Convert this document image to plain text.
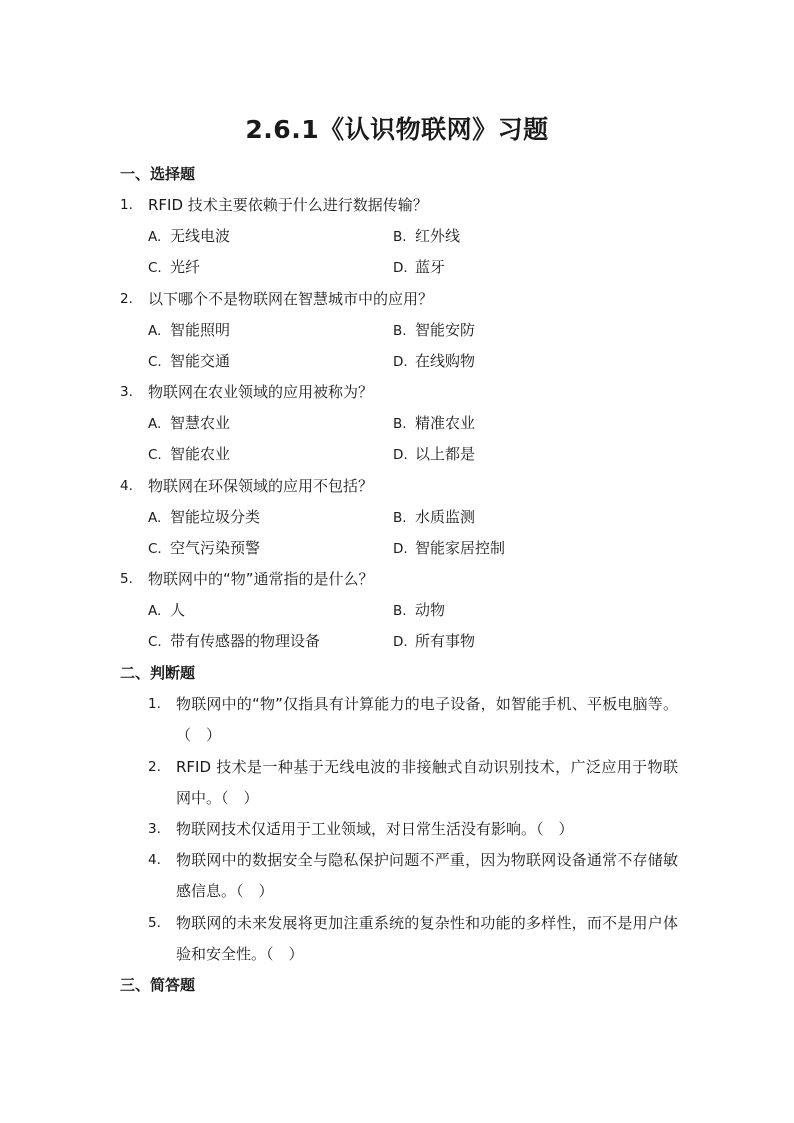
2.6.1《认识物联网》习题
一、选择题
1.	RFID 技术主要依赖于什么进行数据传输？
A. 无线电波	B. 红外线
C. 光纤	D. 蓝牙
2.	以下哪个不是物联网在智慧城市中的应用？
A. 智能照明	B. 智能安防
C. 智能交通	D. 在线购物
3.	物联网在农业领域的应用被称为？
A. 智慧农业	B. 精准农业
C. 智能农业	D. 以上都是
4.	物联网在环保领域的应用不包括？
A. 智能垃圾分类	B. 水质监测
C. 空气污染预警	D. 智能家居控制
5.	物联网中的“物”通常指的是什么？
A. 人	B. 动物
C. 带有传感器的物理设备	D. 所有事物
二、判断题
1.	物联网中的“物”仅指具有计算能力的电子设备，如智能手机、平板电脑等。（　）
2.	RFID 技术是一种基于无线电波的非接触式自动识别技术，广泛应用于物联网中。（　）
3.	物联网技术仅适用于工业领域，对日常生活没有影响。（　）
4.	物联网中的数据安全与隐私保护问题不严重，因为物联网设备通常不存储敏感信息。（　）
5.	物联网的未来发展将更加注重系统的复杂性和功能的多样性，而不是用户体验和安全性。（　）
三、简答题
